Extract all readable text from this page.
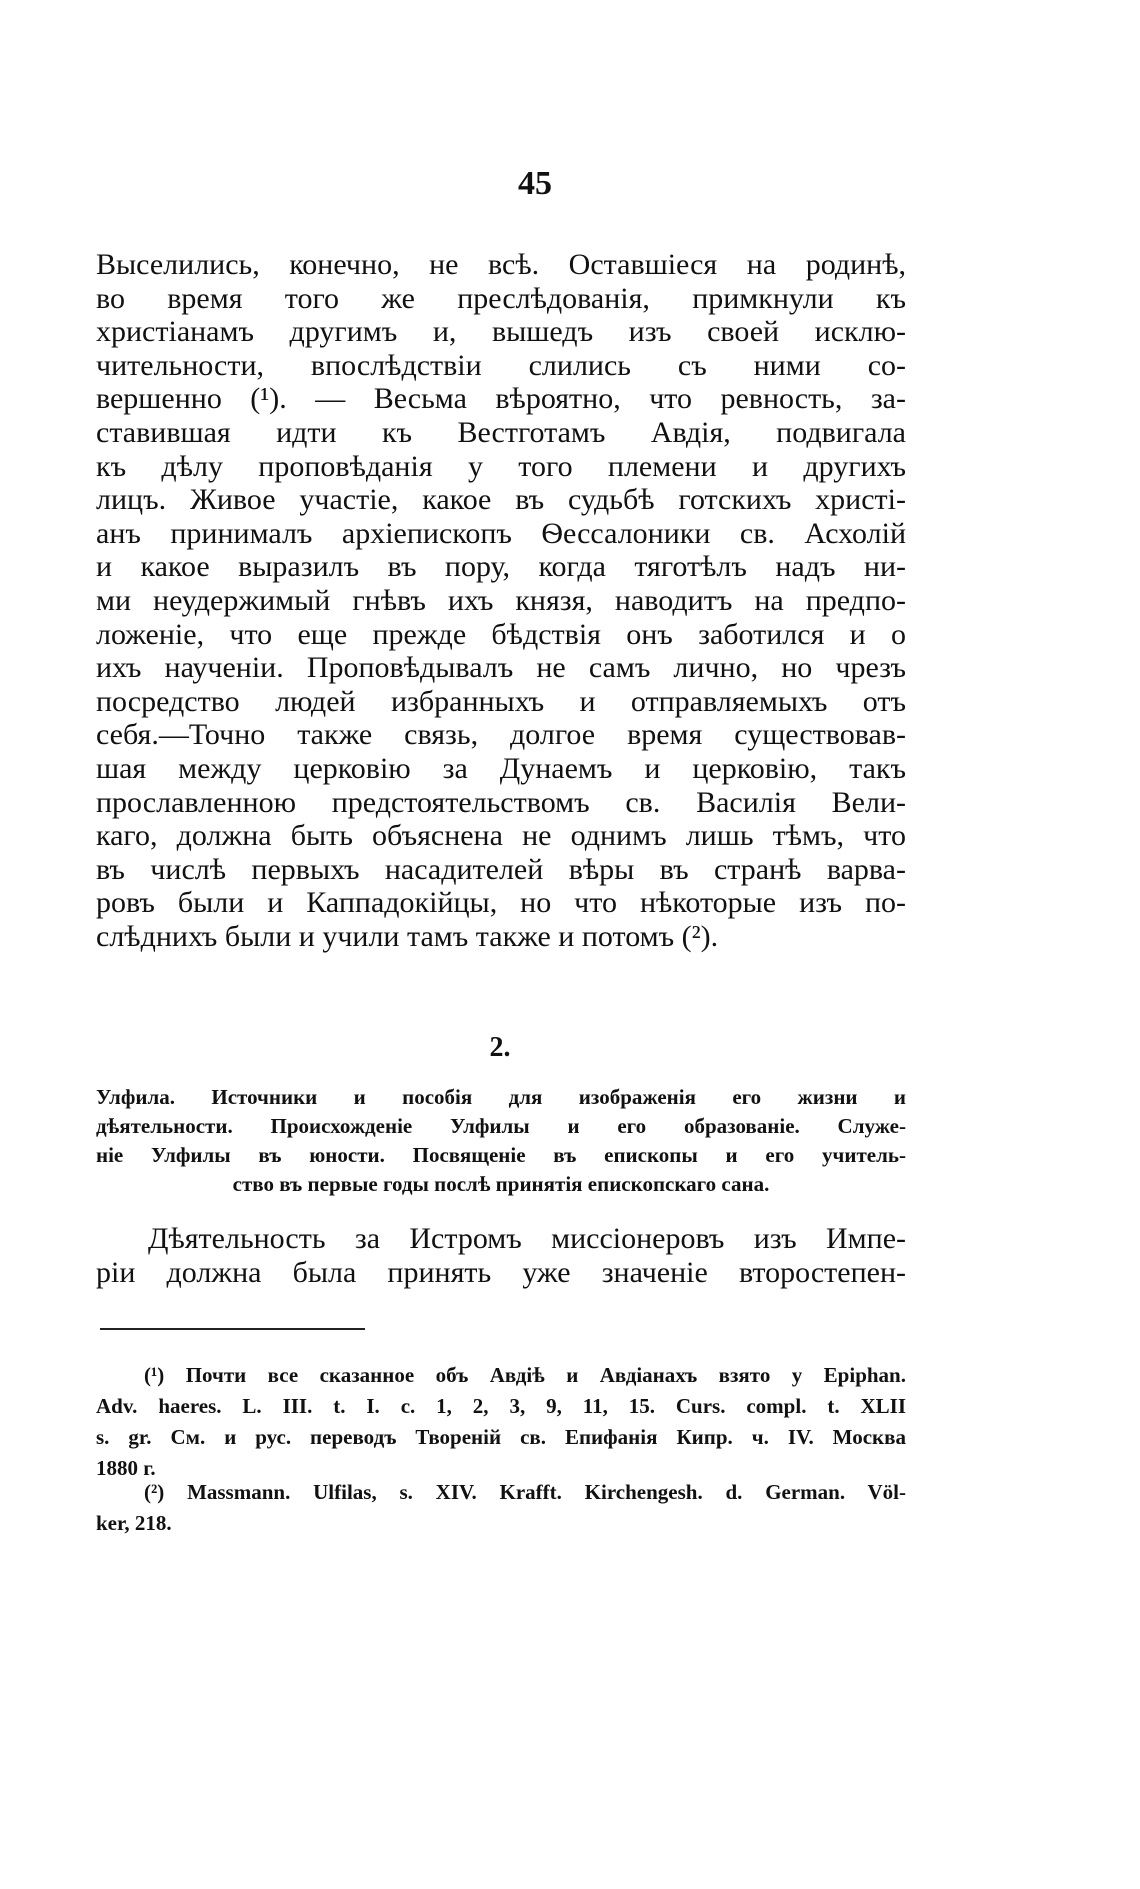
45
Выселились, конечно, не всѣ. Оставшіеся на родинѣ,
во время того же преслѣдованія, примкнули къ
христіанамъ другимъ и, вышедъ изъ своей исклю-
чительности, впослѣдствіи слились съ ними со-
вершенно (¹). — Весьма вѣроятно, что ревность, за-
ставившая идти къ Вестготамъ Авдія, подвигала
къ дѣлу проповѣданія у того племени и другихъ
лицъ. Живое участіе, какое въ судьбѣ готскихъ христі-
анъ принималъ архіепископъ Ѳессалоники св. Асхолій
и какое выразилъ въ пору, когда тяготѣлъ надъ ни-
ми неудержимый гнѣвъ ихъ князя, наводитъ на предпо-
ложеніе, что еще прежде бѣдствія онъ заботился и о
ихъ наученіи. Проповѣдывалъ не самъ лично, но чрезъ
посредство людей избранныхъ и отправляемыхъ отъ
себя.—Точно также связь, долгое время существовав-
шая между церковію за Дунаемъ и церковію, такъ
прославленною предстоятельствомъ св. Василія Вели-
каго, должна быть объяснена не однимъ лишь тѣмъ, что
въ числѣ первыхъ насадителей вѣры въ странѣ варва-
ровъ были и Каппадокійцы, но что нѣкоторые изъ по-
слѣднихъ были и учили тамъ также и потомъ (²).
2.
Улфила. Источники и пособія для изображенія его жизни и
дѣятельности. Происхожденіе Улфилы и его образованіе. Служе-
ніе Улфилы въ юности. Посвященіе въ епископы и его учитель-
ство въ первые годы послѣ принятія епископскаго сана.
Дѣятельность за Истромъ миссіонеровъ изъ Импе-
ріи должна была принять уже значеніе второстепен-
(¹) Почти все сказанное объ Авдіѣ и Авдіанахъ взято у Epiphan.
Adv. haeres. L. III. t. I. c. 1, 2, 3, 9, 11, 15. Curs. compl. t. XLII
s. gr. См. и рус. переводъ Твореній св. Епифанія Кипр. ч. IV. Москва
1880 г.
(²) Massmann. Ulfilas, s. XIV. Krafft. Kirchengesh. d. German. Völ-
ker, 218.
